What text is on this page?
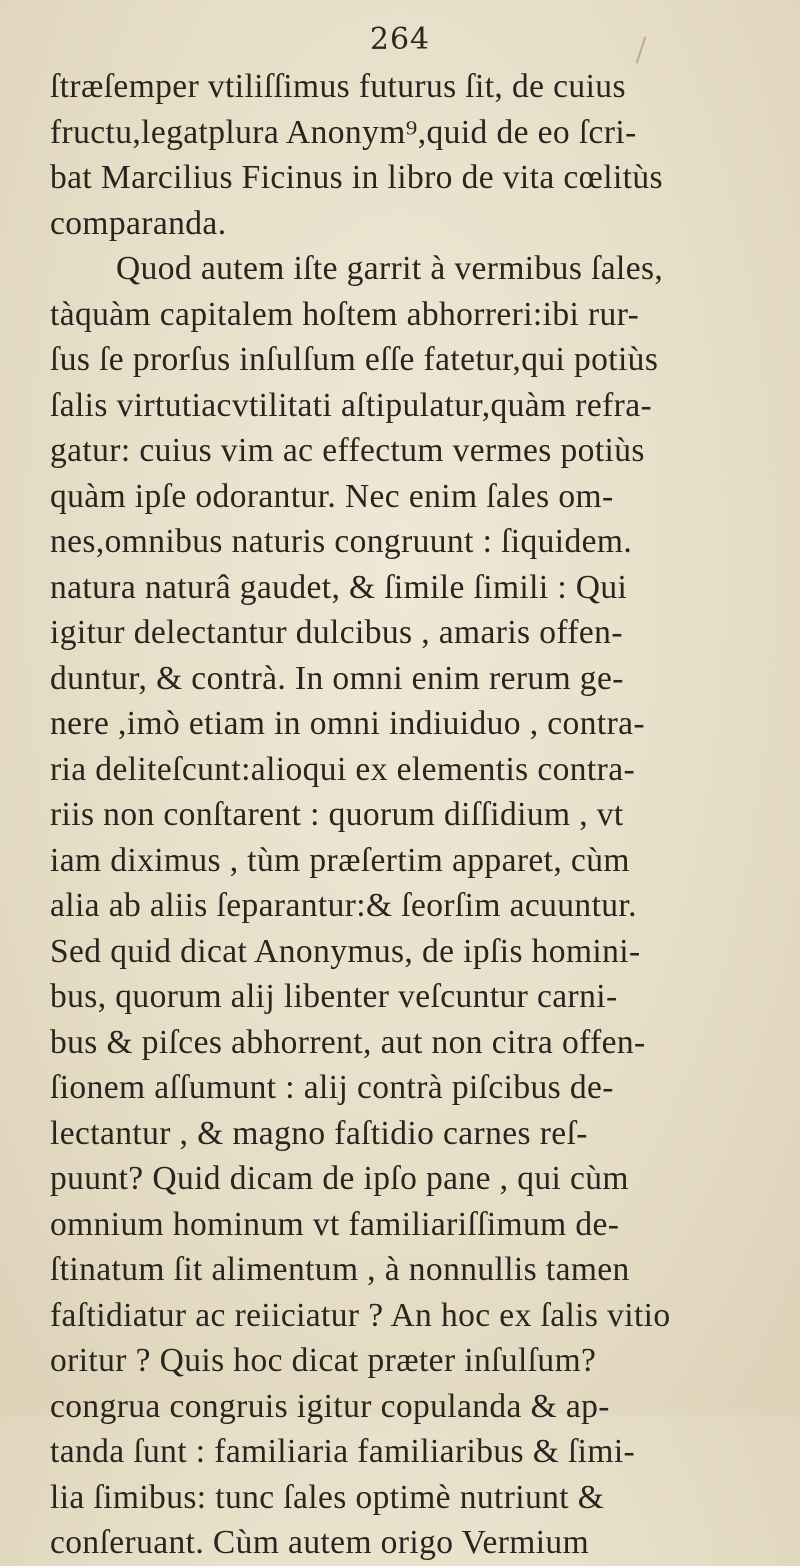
264
ſtræſemper vtiliſſimus futurus ſit, de cuius
fructu,legatplura Anonym⁹,quid de eo ſcri-
bat Marcilius Ficinus in libro de vita cœlitùs
comparanda.
Quod autem iſte garrit à vermibus ſales,
tàquàm capitalem hoſtem abhorreri:ibi rur-
ſus ſe prorſus inſulſum eſſe fatetur,qui potiùs
ſalis virtutiacvtilitati aſtipulatur,quàm refra-
gatur: cuius vim ac effectum vermes potiùs
quàm ipſe odorantur. Nec enim ſales om-
nes,omnibus naturis congruunt : ſiquidem.
natura naturâ gaudet, & ſimile ſimili : Qui
igitur delectantur dulcibus , amaris offen-
duntur, & contrà. In omni enim rerum ge-
nere ,imò etiam in omni indiuiduo , contra-
ria deliteſcunt:alioqui ex elementis contra-
riis non conſtarent : quorum diſſidium , vt
iam diximus , tùm præſertim apparet, cùm
alia ab aliis ſeparantur:& ſeorſim acuuntur.
Sed quid dicat Anonymus, de ipſis homini-
bus, quorum alij libenter veſcuntur carni-
bus & piſces abhorrent, aut non citra offen-
ſionem aſſumunt : alij contrà piſcibus de-
lectantur , & magno faſtidio carnes reſ-
puunt? Quid dicam de ipſo pane , qui cùm
omnium hominum vt familiariſſimum de-
ſtinatum ſit alimentum , à nonnullis tamen
faſtidiatur ac reiiciatur ? An hoc ex ſalis vitio
oritur ? Quis hoc dicat præter inſulſum?
congrua congruis igitur copulanda & ap-
tanda ſunt : familiaria familiaribus & ſimi-
lia ſimibus: tunc ſales optimè nutriunt &
conſeruant. Cùm autem origo Vermium
